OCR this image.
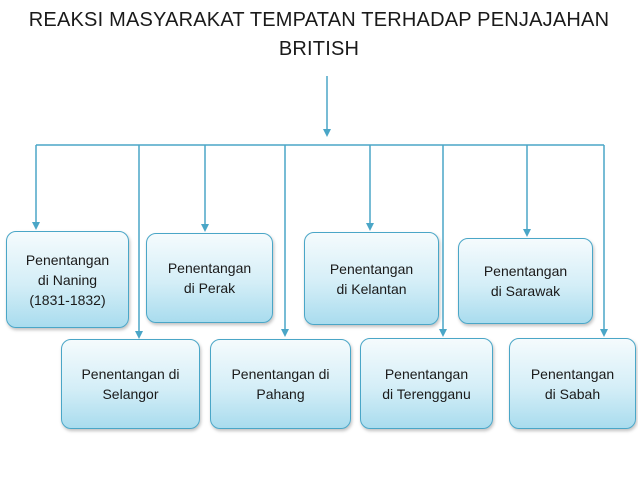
REAKSI MASYARAKAT TEMPATAN TERHADAP PENJAJAHAN
BRITISH
Penentangan
di Naning
(1831-1832)
Penentangan
di Perak
Penentangan
di Kelantan
Penentangan
di Sarawak
Penentangan di
Selangor
Penentangan di
Pahang
Penentangan
di Terengganu
Penentangan
di Sabah
